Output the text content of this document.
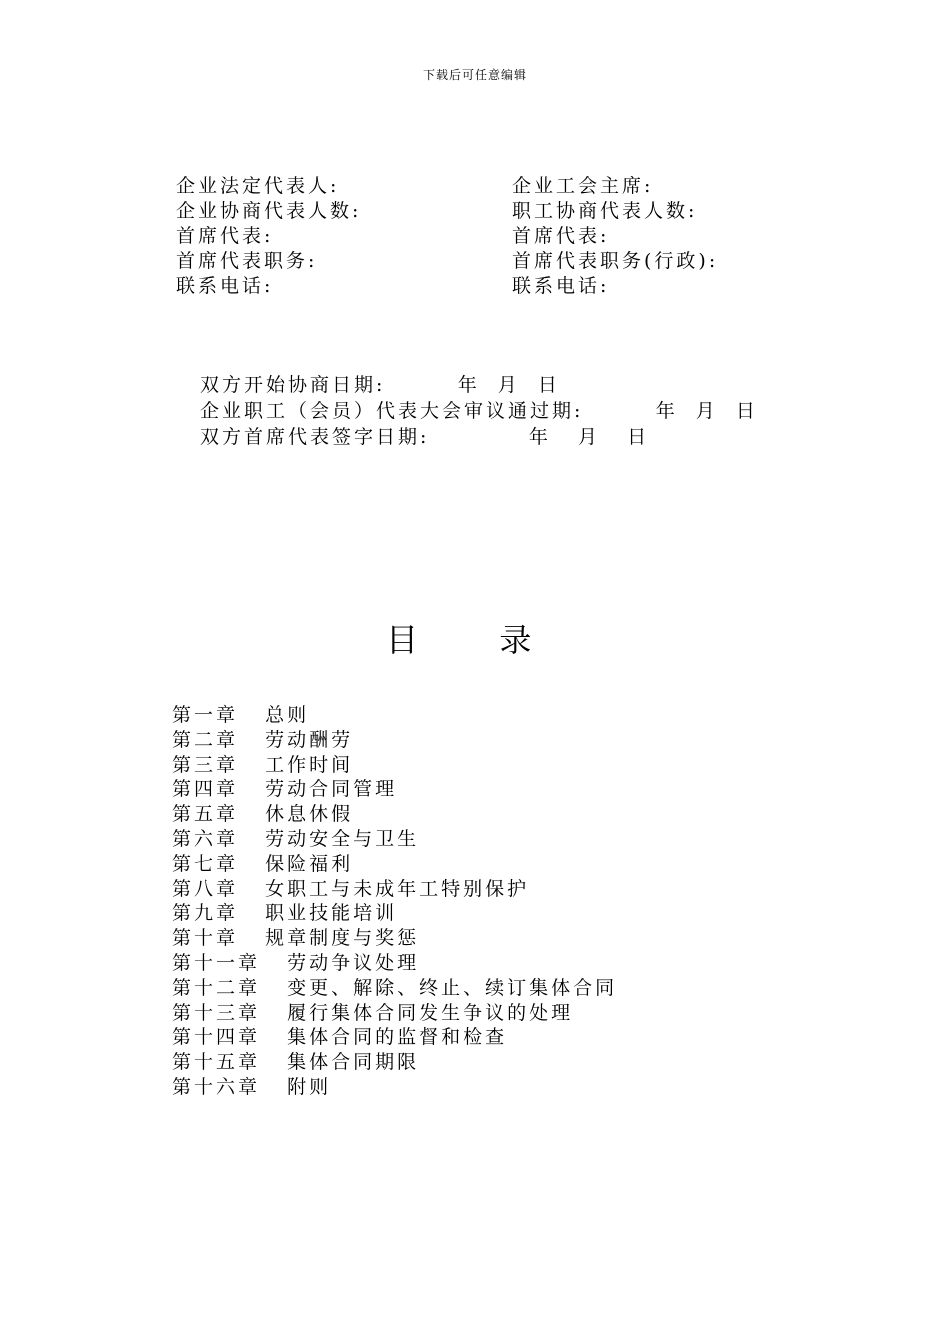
下载后可任意编辑
企业法定代表人:	企业工会主席:
企业协商代表人数:	职工协商代表人数:
首席代表:	首席代表:
首席代表职务:	首席代表职务(行政):
联系电话:	联系电话:
双方开始协商日期:        年  月  日
企业职工（会员）代表大会审议通过期:        年  月  日
双方首席代表签字日期:           年   月   日
目        录
第一章   总则
第二章   劳动酬劳
第三章   工作时间
第四章   劳动合同管理
第五章   休息休假
第六章   劳动安全与卫生
第七章   保险福利
第八章   女职工与未成年工特别保护
第九章   职业技能培训
第十章   规章制度与奖惩
第十一章   劳动争议处理
第十二章   变更、解除、终止、续订集体合同
第十三章   履行集体合同发生争议的处理
第十四章   集体合同的监督和检查
第十五章   集体合同期限
第十六章   附则
